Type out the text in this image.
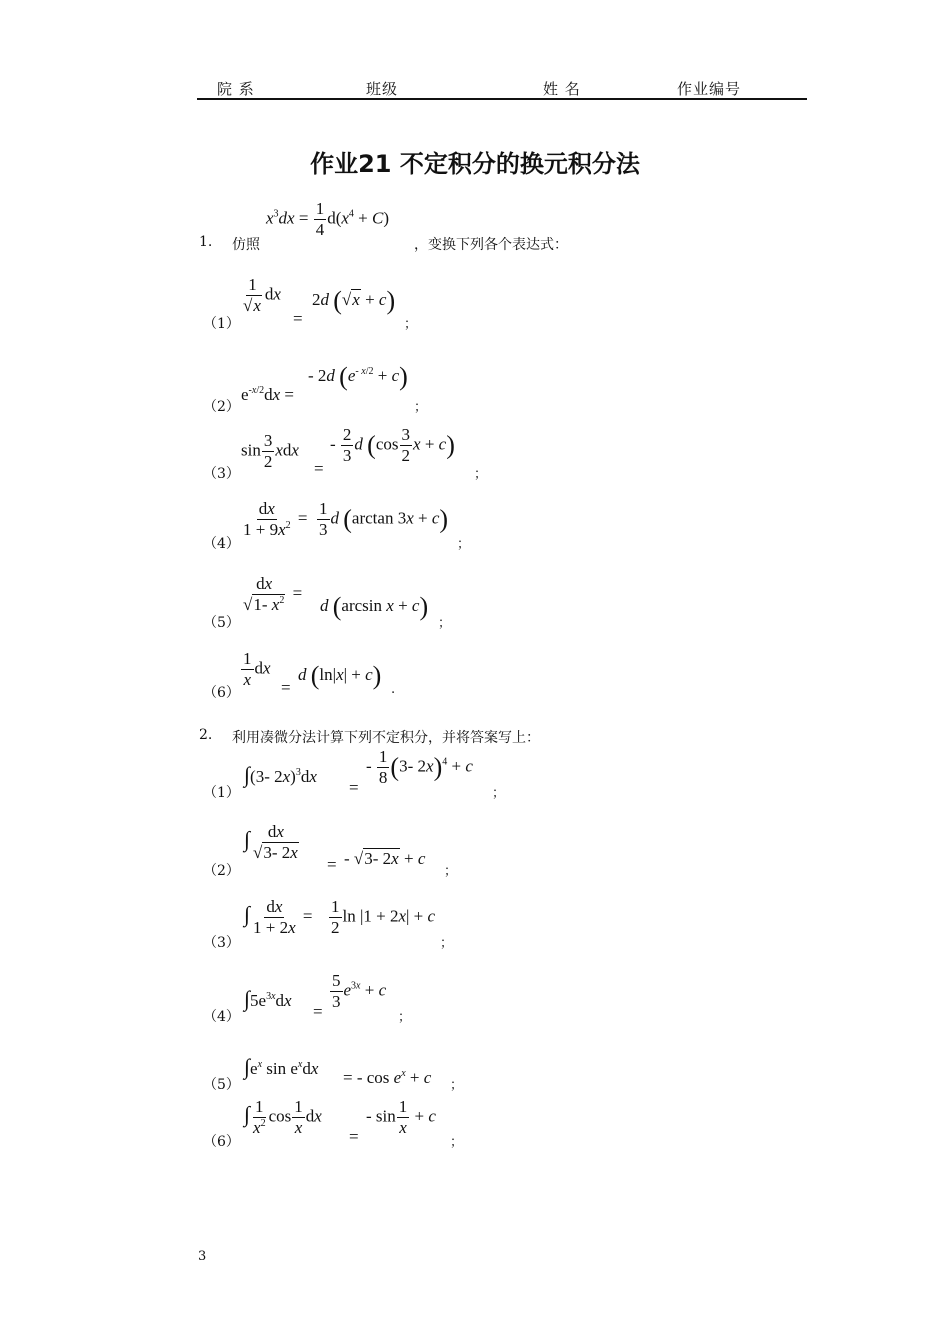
院 系	班级	姓 名	作业编号
作业21 不定积分的换元积分法
1. 仿照
$x^3dx = \frac{1}{4} d(x^4 + C)$
，变换下列各个表达式：
（1）
$\frac{1}{√x}$ dx
=
2d (√x + c)
；
（2）
$e^{-x/2}dx$ =
- 2d $(e^{- x/2} + c)$
；
（3）
$\sin \frac{3}{2}$ xdx
=
- $\frac{2}{3}$ d ($\cos \frac{3}{2}$ x + c)
；
（4）
$\frac{dx}{1 + 9x^2} = \frac{1}{3}$ d (arctan 3x + c)
；
（5）
$\frac{dx}{√1- x^2}$ =
d (arcsin x + c)
；
（6）
$\frac{1}{x}$ dx
=
d (ln|x| + c) .
2. 利用凑微分法计算下列不定积分，并将答案写上：
（1）
∫(3- 2x)$^3$dx
=
- $\frac{1}{8} (3-$ 2x)$^4$ + c
；
（2）
∫ $\frac{dx}{√3- 2x}$
= - √3- 2x + c
；
（3）
∫ $\frac{dx}{1 + 2x} = \frac{1}{2}$ ln |1 + 2x| + c
；
（4）
$\int 5e^{3x}dx$
=
$\frac{5}{3} e^{3x} + c$
；
（5）
$\int e^x$ $\sin e^xdx$ = - $\cos e^x + c$ ；
（6）
∫ $\frac{1}{x^2}$ $\cos \frac{1}{x}$ dx
=
- $\sin \frac{1}{x} + c$
；
3
